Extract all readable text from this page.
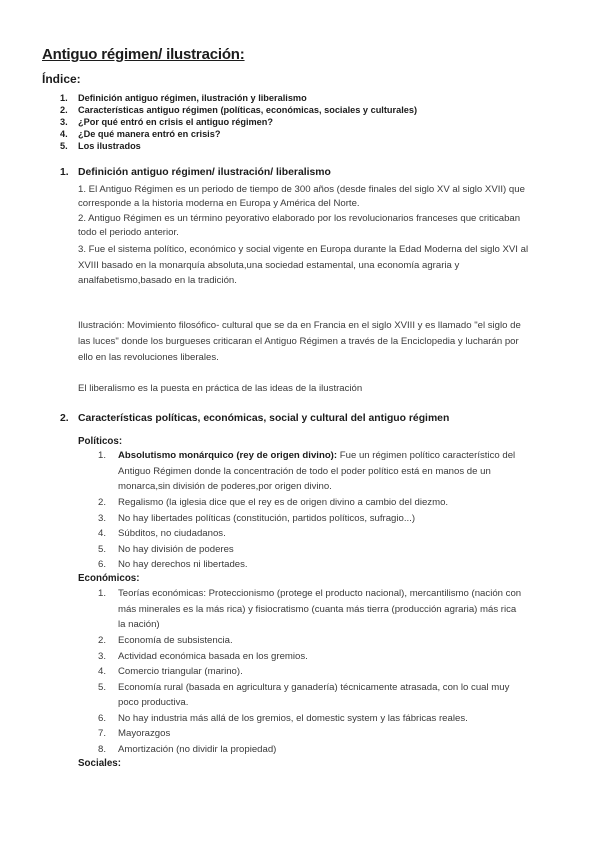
Antiguo régimen/ ilustración:
Índice:
1. Definición antiguo régimen, ilustración y liberalismo
2. Características antiguo régimen (políticas, económicas, sociales y culturales)
3. ¿Por qué entró en crisis el antiguo régimen?
4. ¿De qué manera entró en crisis?
5. Los ilustrados
1. Definición antiguo régimen/ ilustración/ liberalismo
1. El Antiguo Régimen es un periodo de tiempo de 300 años (desde finales del siglo XV al siglo XVII) que
corresponde a la historia moderna en Europa y América del Norte.
2. Antiguo Régimen es un término peyorativo elaborado por los revolucionarios franceses que criticaban
todo el periodo anterior.
3. Fue el sistema político, económico y social vigente en Europa durante la Edad Moderna del siglo XVI al
XVIII basado en la monarquía absoluta,una sociedad estamental, una economía agraria y
analfabetismo,basado en la tradición.
Ilustración: Movimiento filosófico- cultural que se da en Francia en el siglo XVIII y es llamado "el siglo de
las luces" donde los burgueses criticaran el Antiguo Régimen a través de la Enciclopedia y lucharán por
ello en las revoluciones liberales.
El liberalismo es la puesta en práctica de las ideas de la ilustración
2. Características políticas, económicas, social y cultural del antiguo régimen
Políticos:
1. Absolutismo monárquico (rey de origen divino): Fue un régimen político característico del
Antiguo Régimen donde la concentración de todo el poder político está en manos de un
monarca,sin división de poderes,por origen divino.
2. Regalismo (la iglesia dice que el rey es de origen divino a cambio del diezmo.
3. No hay libertades políticas (constitución, partidos políticos, sufragio...)
4. Súbditos, no ciudadanos.
5. No hay división de poderes
6. No hay derechos ni libertades.
Económicos:
1. Teorías económicas: Proteccionismo (protege el producto nacional), mercantilismo (nación con
más minerales es la más rica) y fisiocratismo (cuanta más tierra (producción agraria) más rica
la nación)
2. Economía de subsistencia.
3. Actividad económica basada en los gremios.
4. Comercio triangular (marino).
5. Economía rural (basada en agricultura y ganadería) técnicamente atrasada, con lo cual muy
poco productiva.
6. No hay industria más allá de los gremios, el domestic system y las fábricas reales.
7. Mayorazgos
8. Amortización (no dividir la propiedad)
Sociales:
